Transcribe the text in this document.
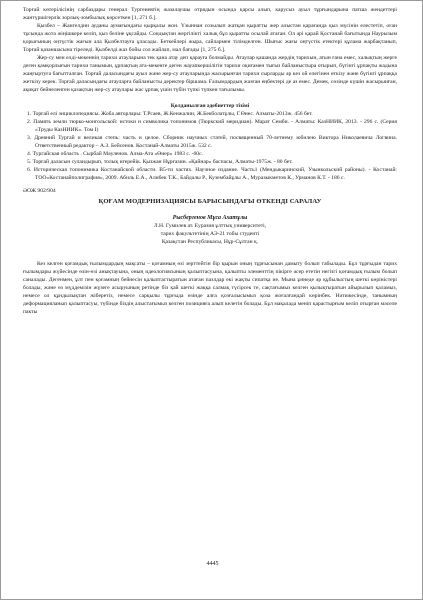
Торғай көтерілісінің сарбаздары генерал Тургеневтің жазалаушы отрядын осында қарсы алып, карусыз ауыл тұрғындарына патша жендеттері жантүршігерлік зорлық-зомбылық көрсеткен [1, 271 б.].

Қызбел – Жангелдин ауданы аумағындағы қырқалы жон. Үзыннан созылып жатқан қыратты жер алыстан қарағанда қыз мүсінін елестетіп, оған тұсында жота жіңішкере келіп, қыз белінe ұқсайды. Сондықтан жергілікті халық бұл қыратты осылай атаған. Ол әрі қарай Қостанай бағытында Наурызым қорығының оңтүстік жағын ала Қызбелтауға ұласады. Беткейлері жыра, сайлармен тілімделген. Шығыс жағы оңтүстік етектері құлама жарбақтанып, Торғай қазаншасына тіреледі. Қызбелді жаз бойы сол жайлап, мал бағады [1, 275 б.].

Жер-су мен елді-мекеннің тарихи атауларына тек қана атау деп қарауға болмайды. Атаулар қашанда жердің тарихын, атын ғана емес, халықтың жерге деген қамқорлығын тарихи танымын, ұрпақтың ата-мекенге деген жауапкершілігін тарихи оқиғамен тығыз байланыстыра отырып, бүгінгі ұрпақты жадына жаңғыртуға бағытталған. Торғай даласындағы ауыл және жер-су атауларында жасырынған тарихи сырларды әр кез ой елегінен өткізу және бүгінгі ұрпаққа жеткізу керек. Торғай даласындағы атауларға байланысты деректер біршама. Ғалымдардың жазған еңбектері де аз емес. Демек, сөзінде күшін жасырынған, ақиқат бейнеленген қазақтың жер-су атаулары жас ұрпақ үшін түбін түпкі түпкен тағылымы.

Қолданылған әдебиеттер тізімі

1. Торғай елі энциклопедиясы. Жоба авторлары: Т.Рсаев, Ж.Кенжалин, Ж.Бекболатұлы, Г.Өнес. Алматы-2013ж. 456 бет.

2. Память земли тюрко-монгольской: истоки и символика топонимов (Тюркский меридиан). Марат Семби. - Алматы: КазНИИК, 2013. - 296 с. (Серия «Труды КазНИИК». Том І)

3. Древний Тургай и великая степь: часть и целое. Сборник научных статей, посвященный 70-летнему юбилею Виктора Николаевича Логвина. Ответственный редактор – А.З. Бейсенов. Костанай-Алматы 2015ж. 532 с.

4. Тургайская область . Сырбай Мәуленов. Алма-Ата «Өнер» 1983 с. -60с.

5. Торғай даласын сулаидырып, толық игерейік. Қызжан Нұрғазин. «Қайнар» баспасы, Алматы-1975ж. - 80 бет.

6. Историческая топонимика Костанайской области. В5-ти частях. Научное издание. Часть1 (Мендыкаринский, Узынкольский районы). - Костанай: ТОО«Костанайполиграфия», 2009. Абиль Е.А., Алибек Т.К., Байдалы Р., Кузембайұлы А., Муразыкметов К., Урманов К.Т. - 186 с.

ӘОЖ 902/904

ҚОҒАМ МОДЕРНИЗАЦИЯСЫ БАРЫСЫНДАҒЫ ӨТКЕНДІ САРАЛАУ

Рысбергенов Мұса Ахатұлы

Л.Н. Гумилев ат. Еуразия ұлттық университеті,

тарих факультетінің АЭ-21 тобы студенті

Қазақстан Республикасы, Нұр-Сұлтан қ.

Кез келген қоғамдық ғылымдардың мақсаты – қоғамның өзі зерттейтін бір қырын оның тұрғысынан дамыту болып табылады. Бұл тұрғыдан тарих ғылымдары жүйесінде өзін-өзі анықтауына, оның идеологиясының қалыптасуына, қалыпты элементтің пікірге әсер ететін негізгі қоғамдық ғылым болып саналады. Дегенмен, ұлт пен қоғамның бейнесін қалыптастыратын атаған пазлдар екі жақты сипатқа ие. Мына ұннеде әр құбылыстың шеткі көріністері болады, және өз мүддемізін жүзеге асыруының ретінде біз қай шеткі жаққа салмақ түсірсек те, сақтағымыз келген қызықтыратын айырылып қаламыз, немесе ол құндылықтан жіберетіз, немесе сарқылы тұрғыда өзінде алға қозғалысымыз қоза жоғалғандай көрінбек. Нәтижесінде, танымның деформацияланып қалыптасуы, түбінде біздің алыстағымыз келген позицияға алып келетін болады. Бұл мақалада меніп қарастырғым келіп отырған мәселе пакты

4445
